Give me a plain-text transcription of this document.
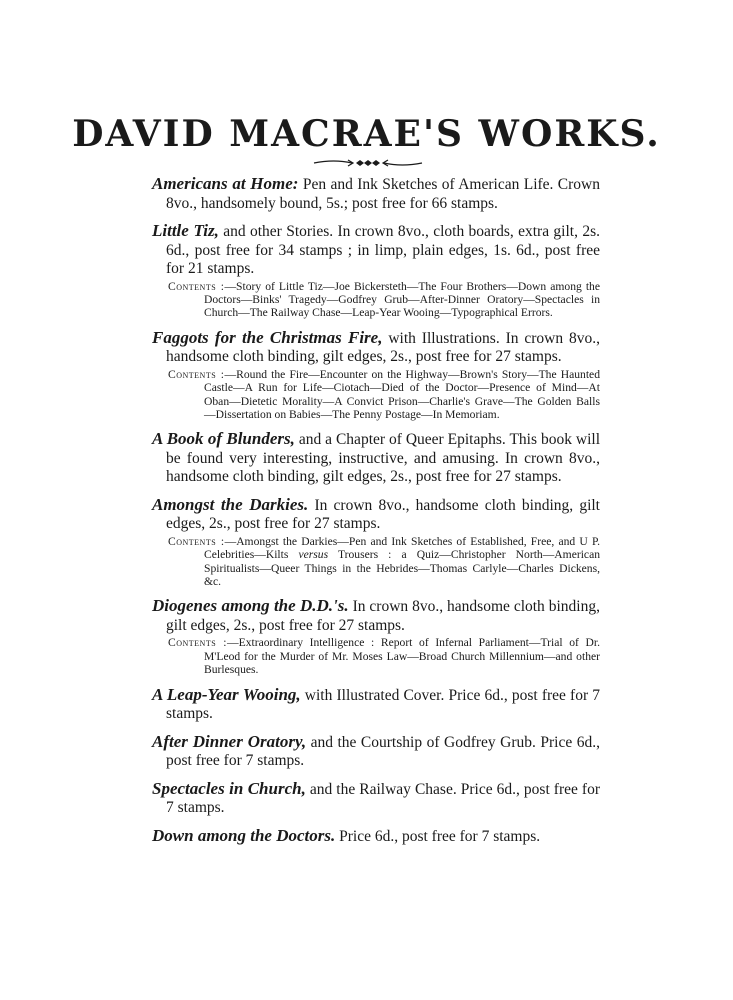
DAVID MACRAE'S WORKS.
Americans at Home: Pen and Ink Sketches of American Life. Crown 8vo., handsomely bound, 5s.; post free for 66 stamps.
Little Tiz, and other Stories. In crown 8vo., cloth boards, extra gilt, 2s. 6d., post free for 34 stamps ; in limp, plain edges, 1s. 6d., post free for 21 stamps.
Contents :—Story of Little Tiz—Joe Bickersteth—The Four Brothers—Down among the Doctors—Binks' Tragedy—Godfrey Grub—After-Dinner Oratory—Spectacles in Church—The Railway Chase—Leap-Year Wooing—Typographical Errors.
Faggots for the Christmas Fire, with Illustrations. In crown 8vo., handsome cloth binding, gilt edges, 2s., post free for 27 stamps.
Contents :—Round the Fire—Encounter on the Highway—Brown's Story—The Haunted Castle—A Run for Life—Ciotach—Died of the Doctor—Presence of Mind—At Oban—Dietetic Morality—A Convict Prison—Charlie's Grave—The Golden Balls—Dissertation on Babies—The Penny Postage—In Memoriam.
A Book of Blunders, and a Chapter of Queer Epitaphs. This book will be found very interesting, instructive, and amusing. In crown 8vo., handsome cloth binding, gilt edges, 2s., post free for 27 stamps.
Amongst the Darkies. In crown 8vo., handsome cloth binding, gilt edges, 2s., post free for 27 stamps.
Contents :—Amongst the Darkies—Pen and Ink Sketches of Established, Free, and U P. Celebrities—Kilts versus Trousers : a Quiz—Christopher North—American Spiritualists—Queer Things in the Hebrides—Thomas Carlyle—Charles Dickens, &c.
Diogenes among the D.D.'s. In crown 8vo., handsome cloth binding, gilt edges, 2s., post free for 27 stamps.
Contents :—Extraordinary Intelligence : Report of Infernal Parliament—Trial of Dr. M'Leod for the Murder of Mr. Moses Law—Broad Church Millennium—and other Burlesques.
A Leap-Year Wooing, with Illustrated Cover. Price 6d., post free for 7 stamps.
After Dinner Oratory, and the Courtship of Godfrey Grub. Price 6d., post free for 7 stamps.
Spectacles in Church, and the Railway Chase. Price 6d., post free for 7 stamps.
Down among the Doctors. Price 6d., post free for 7 stamps.
